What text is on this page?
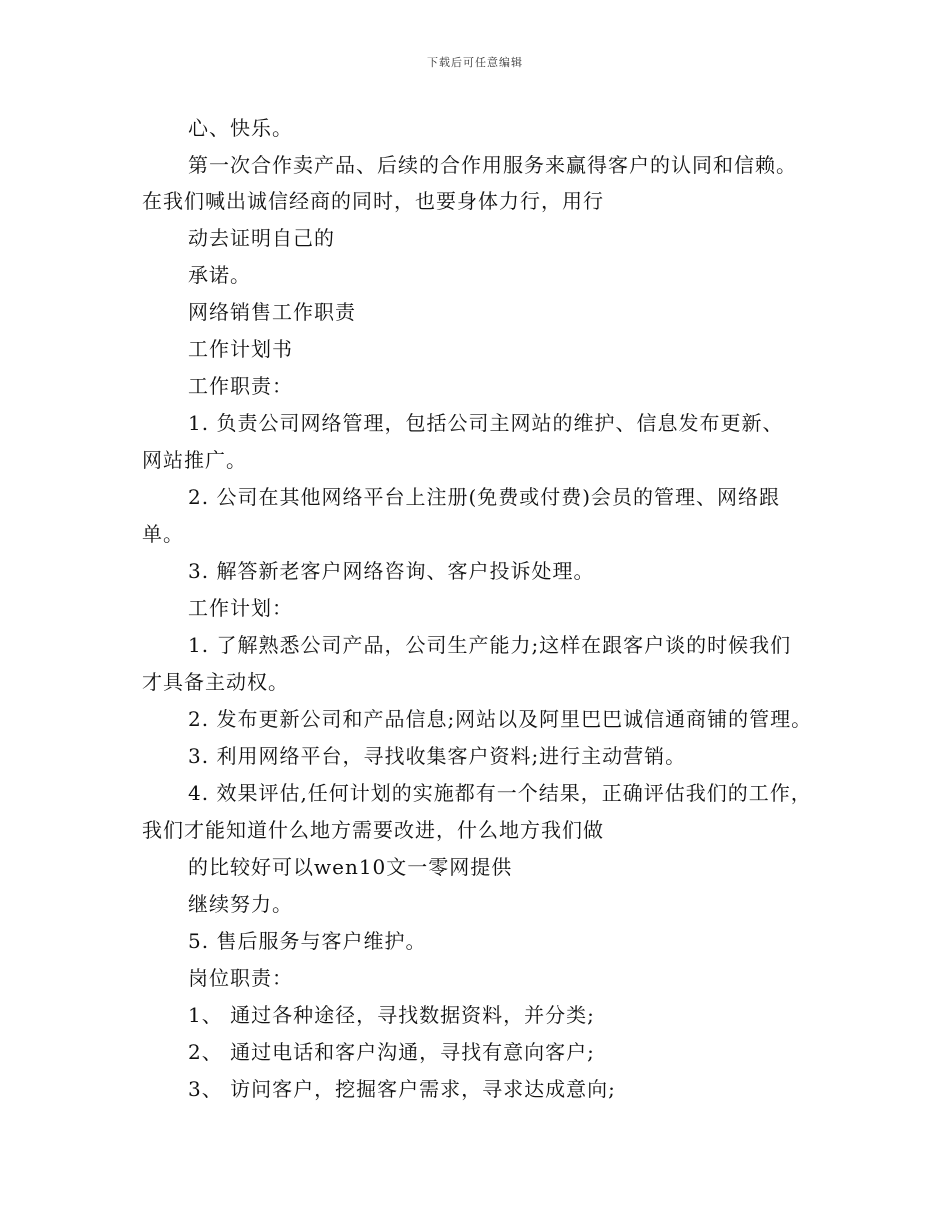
下载后可任意编辑
心、快乐。
第一次合作卖产品、后续的合作用服务来赢得客户的认同和信赖。
在我们喊出诚信经商的同时，也要身体力行，用行
动去证明自己的
承诺。
网络销售工作职责
工作计划书
工作职责：
1. 负责公司网络管理，包括公司主网站的维护、信息发布更新、
网站推广。
2. 公司在其他网络平台上注册(免费或付费)会员的管理、网络跟
单。
3. 解答新老客户网络咨询、客户投诉处理。
工作计划：
1. 了解熟悉公司产品，公司生产能力;这样在跟客户谈的时候我们
才具备主动权。
2. 发布更新公司和产品信息;网站以及阿里巴巴诚信通商铺的管理。
3. 利用网络平台，寻找收集客户资料;进行主动营销。
4. 效果评估,任何计划的实施都有一个结果，正确评估我们的工作，
我们才能知道什么地方需要改进，什么地方我们做
的比较好可以wen10文一零网提供
继续努力。
5. 售后服务与客户维护。
岗位职责：
1、 通过各种途径，寻找数据资料，并分类;
2、 通过电话和客户沟通，寻找有意向客户;
3、 访问客户，挖掘客户需求，寻求达成意向;
